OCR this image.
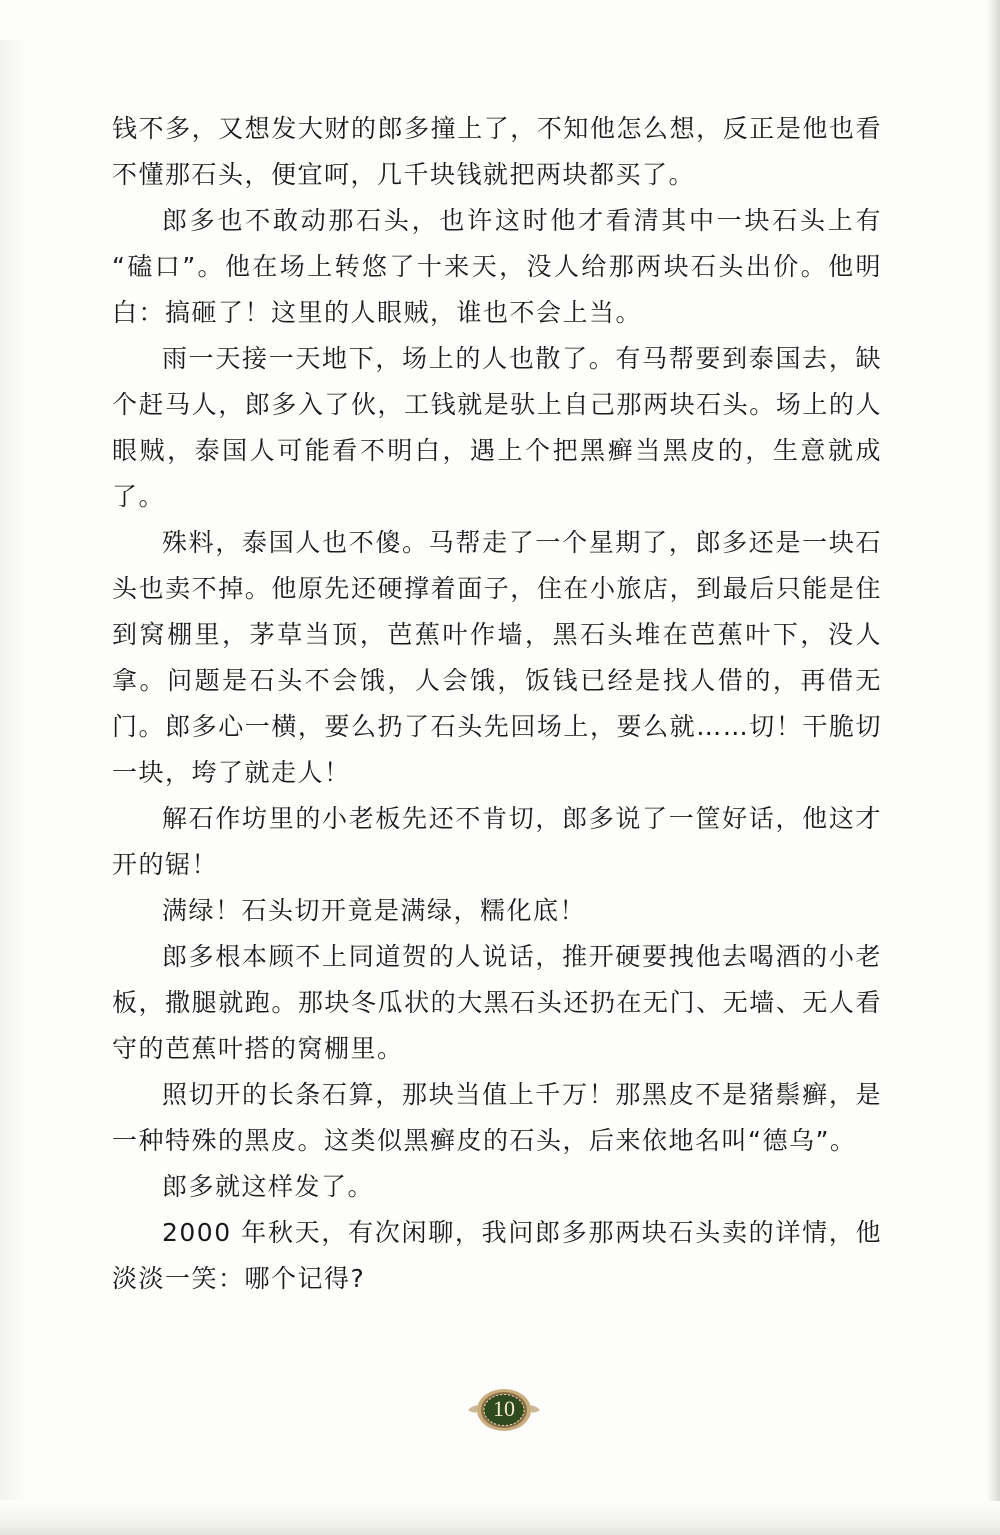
钱不多，又想发大财的郎多撞上了，不知他怎么想，反正是他也看不懂那石头，便宜呵，几千块钱就把两块都买了。

郎多也不敢动那石头，也许这时他才看清其中一块石头上有 “磕口”。他在场上转悠了十来天，没人给那两块石头出价。他明白：搞砸了！这里的人眼贼，谁也不会上当。

雨一天接一天地下，场上的人也散了。有马帮要到泰国去，缺个赶马人，郎多入了伙，工钱就是驮上自己那两块石头。场上的人眼贼，泰国人可能看不明白，遇上个把黑癣当黑皮的，生意就成了。

殊料，泰国人也不傻。马帮走了一个星期了，郎多还是一块石头也卖不掉。他原先还硬撑着面子，住在小旅店，到最后只能是住到窝棚里，茅草当顶，芭蕉叶作墙，黑石头堆在芭蕉叶下，没人拿。问题是石头不会饿，人会饿，饭钱已经是找人借的，再借无门。郎多心一横，要么扔了石头先回场上，要么就……切！干脆切一块，垮了就走人！

解石作坊里的小老板先还不肯切，郎多说了一筐好话，他这才开的锯！

满绿！石头切开竟是满绿，糯化底！

郎多根本顾不上同道贺的人说话，推开硬要拽他去喝酒的小老板，撒腿就跑。那块冬瓜状的大黑石头还扔在无门、无墙、无人看守的芭蕉叶搭的窝棚里。

照切开的长条石算，那块当值上千万！那黑皮不是猪鬃癣，是一种特殊的黑皮。这类似黑癣皮的石头，后来依地名叫“德乌”。

郎多就这样发了。

2000 年秋天，有次闲聊，我问郎多那两块石头卖的详情，他淡淡一笑：哪个记得?

10
